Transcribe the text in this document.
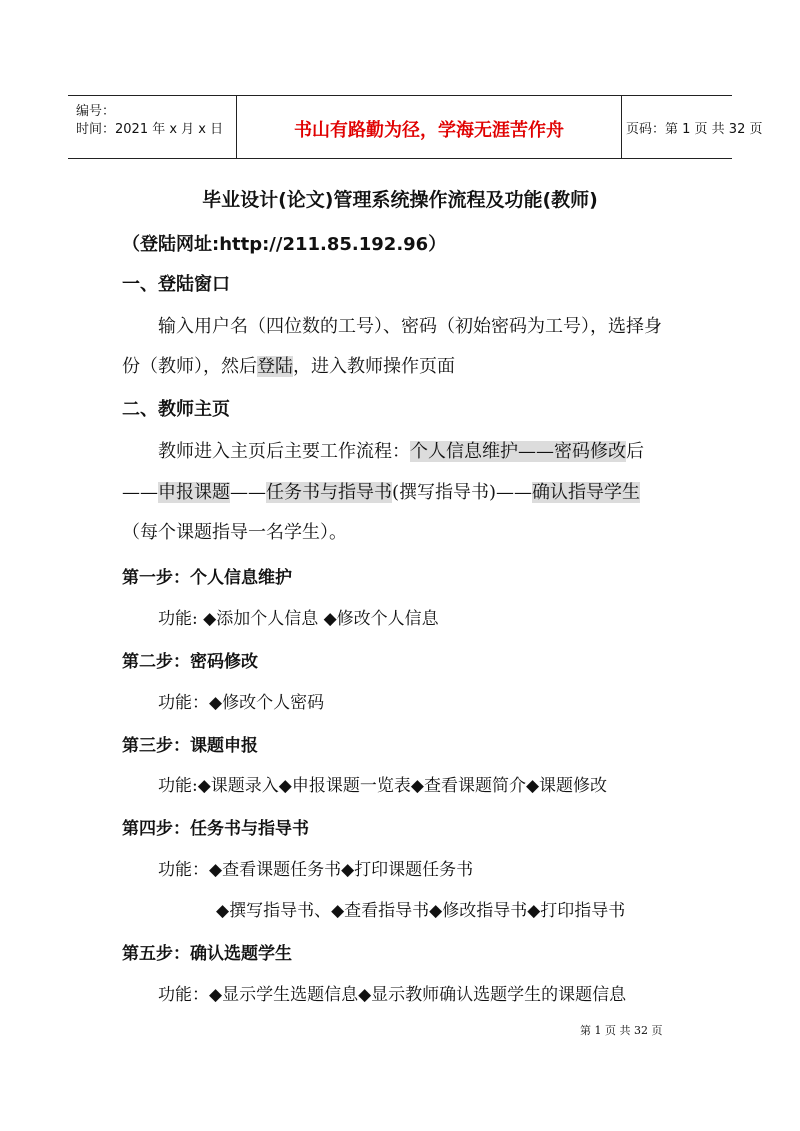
编号：
时间：2021 年 x 月 x 日	书山有路勤为径，学海无涯苦作舟	页码：第 1 页 共 32 页
毕业设计(论文)管理系统操作流程及功能(教师)
（登陆网址:http://211.85.192.96）
一、登陆窗口
输入用户名（四位数的工号）、密码（初始密码为工号），选择身
份（教师），然后登陆，进入教师操作页面
二、教师主页
教师进入主页后主要工作流程：个人信息维护——密码修改后
——申报课题——任务书与指导书(撰写指导书)——确认指导学生
（每个课题指导一名学生）。
第一步：个人信息维护
功能: ◆添加个人信息 ◆修改个人信息
第二步：密码修改
功能：◆修改个人密码
第三步：课题申报
功能:◆课题录入◆申报课题一览表◆查看课题简介◆课题修改
第四步：任务书与指导书
功能：◆查看课题任务书◆打印课题任务书
◆撰写指导书、◆查看指导书◆修改指导书◆打印指导书
第五步：确认选题学生
功能：◆显示学生选题信息◆显示教师确认选题学生的课题信息
第 1 页 共 32 页
